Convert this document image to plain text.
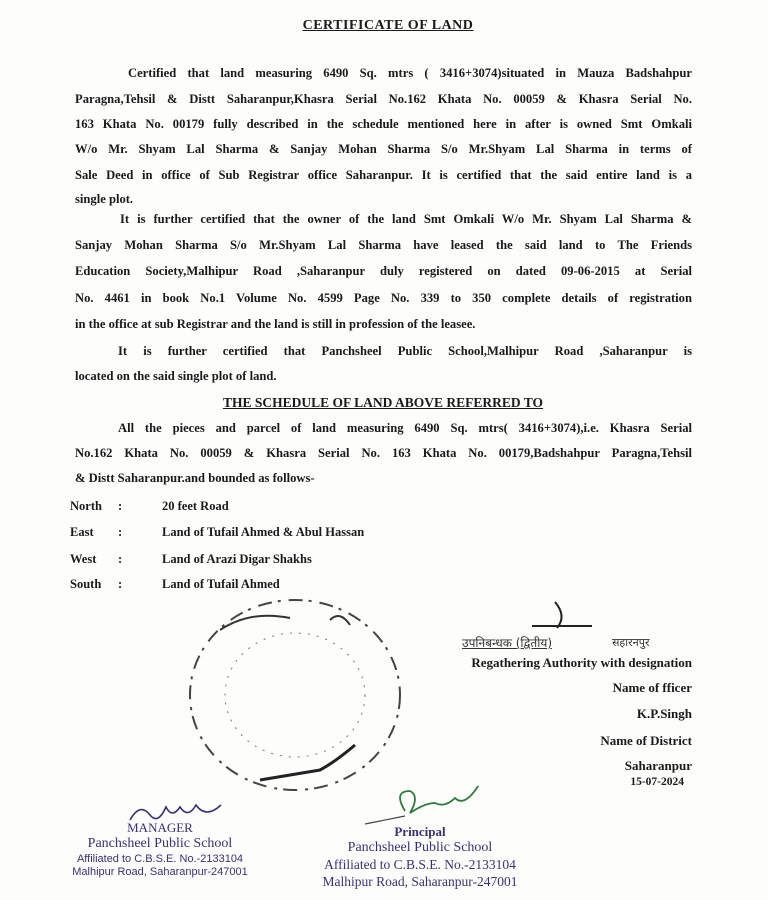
CERTIFICATE OF LAND
Certified that land measuring 6490 Sq. mtrs ( 3416+3074)situated in Mauza Badshahpur
Paragna,Tehsil & Distt Saharanpur,Khasra Serial No.162 Khata No. 00059 & Khasra Serial No.
163 Khata No. 00179 fully described in the schedule mentioned here in after is owned Smt Omkali
W/o Mr. Shyam Lal Sharma & Sanjay Mohan Sharma S/o Mr.Shyam Lal Sharma in terms of
Sale Deed in office of Sub Registrar office Saharanpur. It is certified that the said entire land is a
single plot.
It is further certified that the owner of the land Smt Omkali W/o Mr. Shyam Lal Sharma &
Sanjay Mohan Sharma S/o Mr.Shyam Lal Sharma have leased the said land to The Friends
Education Society,Malhipur Road ,Saharanpur duly registered on dated 09-06-2015 at Serial
No. 4461 in book No.1 Volume No. 4599 Page No. 339 to 350 complete details of registration
in the office at sub Registrar and the land is still in profession of the leasee.
It is further certified that Panchsheel Public School,Malhipur Road ,Saharanpur is
located on the said single plot of land.
THE SCHEDULE OF LAND ABOVE REFERRED TO
All the pieces and parcel of land measuring 6490 Sq. mtrs( 3416+3074),i.e. Khasra Serial
No.162 Khata No. 00059 & Khasra Serial No. 163 Khata No. 00179,Badshahpur Paragna,Tehsil
& Distt Saharanpur.and bounded as follows-
North :	20 feet Road
East :	Land of Tufail Ahmed & Abul Hassan
West :	Land of Arazi Digar Shakhs
South :	Land of Tufail Ahmed
उपनिबन्धक (द्वितीय)	सहारनपुर
Regathering Authority with designation
Name of fficer
K.P.Singh
Name of District
Saharanpur
15-07-2024
MANAGER
Panchsheel Public School
Affiliated to C.B.S.E. No.-2133104
Malhipur Road, Saharanpur-247001
Principal
Panchsheel Public School
Affiliated to C.B.S.E. No.-2133104
Malhipur Road, Saharanpur-247001
